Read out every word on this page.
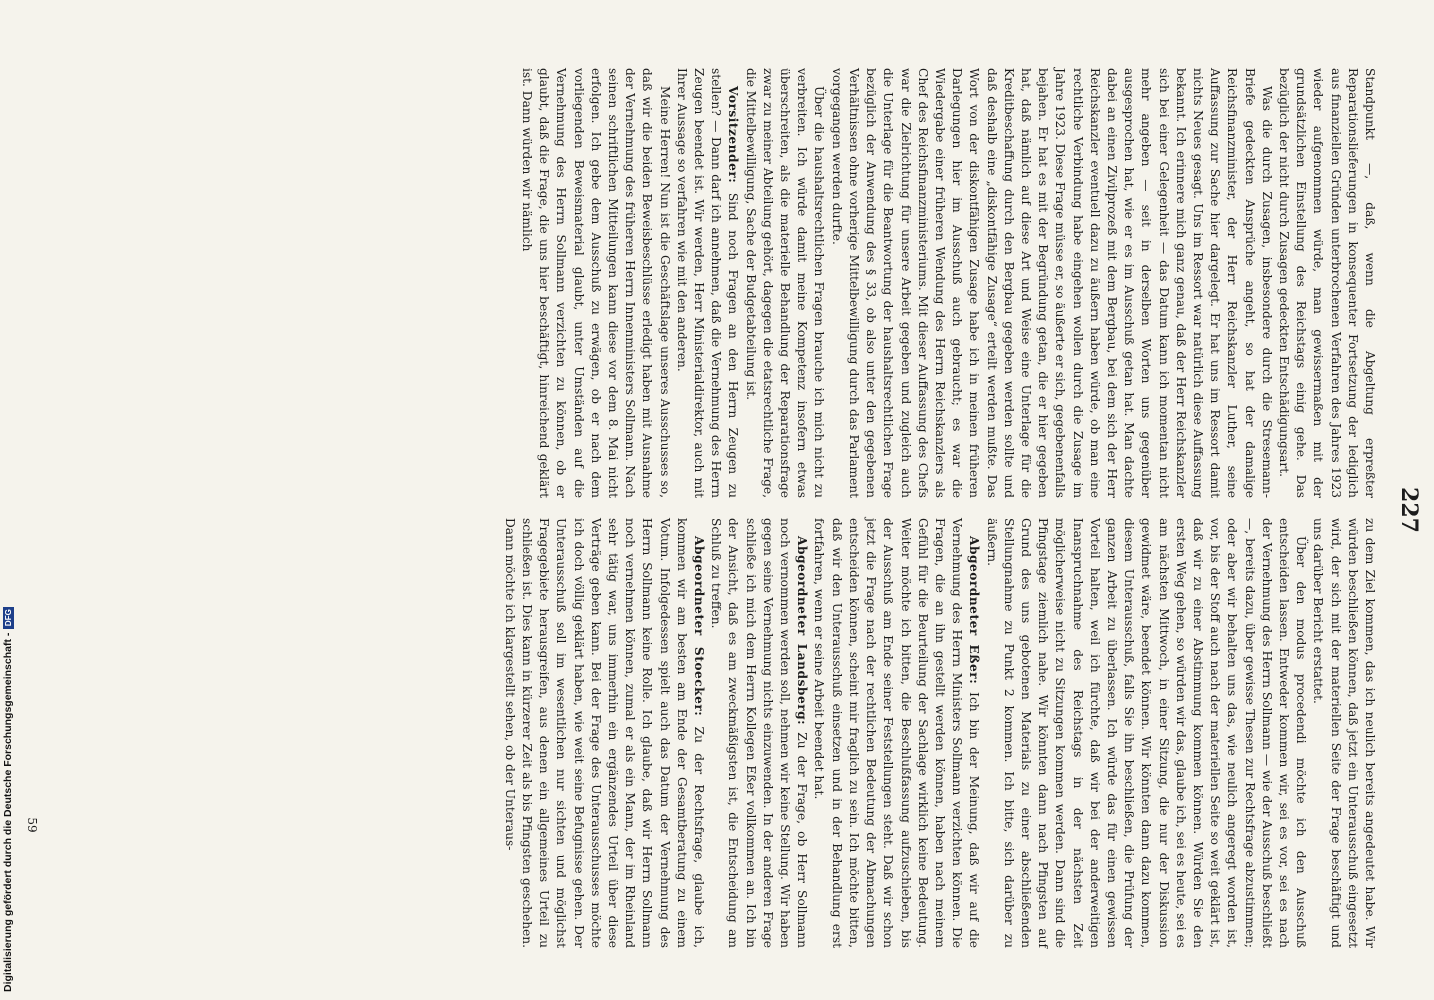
227

Standpunkt —, daß, wenn die Abgeltung erpreßter Reparationslieferungen in konsequenter Fortsetzung der lediglich aus finanziellen Gründen unterbrochenen Verfahren des Jahres 1923 wieder aufgenommen würde, man gewissermaßen mit der grundsätzlichen Einstellung des Reichstags einig gehe. Das bezüglich der nicht durch Zusagen gedeckten Entschädigungsart.

Was die durch Zusagen, insbesondere durch die Stresemann-Briefe gedeckten Ansprüche angeht, so hat der damalige Reichsfinanzminister, der Herr Reichskanzler Luther, seine Auffassung zur Sache hier dargelegt. Er hat uns im Ressort damit nichts Neues gesagt. Uns im Ressort war natürlich diese Auffassung bekannt. Ich erinnere mich ganz genau, daß der Herr Reichskanzler sich bei einer Gelegenheit — das Datum kann ich momentan nicht mehr angeben — seit in derselben Worten uns gegenüber ausgesprochen hat, wie er es im Ausschuß getan hat. Man dachte dabei an einen Zivilprozeß mit dem Bergbau, bei dem sich der Herr Reichskanzler eventuell dazu zu äußern haben würde, ob man eine rechtliche Verbindung habe eingehen wollen durch die Zusage im Jahre 1923. Diese Frage müsse er, so äußerte er sich, gegebenenfalls bejahen. Er hat es mit der Begründung getan, die er hier gegeben hat, daß nämlich auf diese Art und Weise eine Unterlage für die Kreditbeschaffung durch den Bergbau gegeben werden sollte und daß deshalb eine „diskontfähige Zusage“ erteilt werden mußte. Das Wort von der diskontfähigen Zusage habe ich in meinen früheren Darlegungen hier im Ausschuß auch gebraucht; es war die Wiedergabe einer früheren Wendung des Herrn Reichskanzlers als Chef des Reichsfinanzministeriums. Mit dieser Auffassung des Chefs war die Zielrichtung für unsere Arbeit gegeben und zugleich auch die Unterlage für die Beantwortung der haushaltsrechtlichen Frage bezüglich der Anwendung des § 33, ob also unter den gegebenen Verhältnissen ohne vorherige Mittelbewilligung durch das Parlament vorgegangen werden durfte.

Über die haushaltsrechtlichen Fragen brauche ich mich nicht zu verbreiten. Ich würde damit meine Kompetenz insofern etwas überschreiten, als die materielle Behandlung der Reparationsfrage zwar zu meiner Abteilung gehört, dagegen die etatsrechtliche Frage, die Mittelbewilligung, Sache der Budgetabteilung ist.

Vorsitzender: Sind noch Fragen an den Herrn Zeugen zu stellen? — Dann darf ich annehmen, daß die Vernehmung des Herrn Zeugen beendet ist. Wir werden, Herr Ministerialdirektor, auch mit Ihrer Aussage so verfahren wie mit den anderen.

Meine Herren! Nun ist die Geschäftslage unseres Ausschusses so, daß wir die beiden Beweisbeschlüsse erledigt haben mit Ausnahme der Vernehmung des früheren Herrn Innenministers Sollmann. Nach seinen schriftlichen Mitteilungen kann diese vor dem 8. Mai nicht erfolgen. Ich gebe dem Ausschuß zu erwägen, ob er nach dem vorliegenden Beweismaterial glaubt, unter Umständen auf die Vernehmung des Herrn Sollmann verzichten zu können, ob er glaubt, daß die Frage, die uns hier beschäftigt, hinreichend geklärt ist. Dann würden wir nämlich

zu dem Ziel kommen, das ich neulich bereits angedeutet habe. Wir würden beschließen können, daß jetzt ein Unterausschuß eingesetzt wird, der sich mit der materiellen Seite der Frage beschäftigt und uns darüber Bericht erstattet.

Über den modus procedendi möchte ich den Ausschuß entscheiden lassen. Entweder kommen wir, sei es vor, sei es nach der Vernehmung des Herrn Sollmann — wie der Ausschuß beschließt —, bereits dazu, über gewisse Thesen zur Rechtsfrage abzustimmen; oder aber wir behalten uns das, wie neulich angeregt worden ist, vor, bis der Stoff auch nach der materiellen Seite so weit geklärt ist, daß wir zu einer Abstimmung kommen können. Würden Sie den ersten Weg gehen, so würden wir das, glaube ich, sei es heute, sei es am nächsten Mittwoch, in einer Sitzung, die nur der Diskussion gewidmet wäre, beendet können. Wir könnten dann dazu kommen, diesem Unterausschuß, falls Sie ihn beschließen, die Prüfung der ganzen Arbeit zu überlassen. Ich würde das für einen gewissen Vorteil halten, weil ich fürchte, daß wir bei der anderweitigen Inanspruchnahme des Reichstags in der nächsten Zeit möglicherweise nicht zu Sitzungen kommen werden. Dann sind die Pfingstage ziemlich nahe. Wir könnten dann nach Pfingsten auf Grund des uns gebotenen Materials zu einer abschließenden Stellungnahme zu Punkt 2 kommen. Ich bitte, sich darüber zu äußern.

Abgeordneter Eßer: Ich bin der Meinung, daß wir auf die Vernehmung des Herrn Ministers Sollmann verzichten können. Die Fragen, die an ihn gestellt werden können, haben nach meinem Gefühl für die Beurteilung der Sachlage wirklich keine Bedeutung. Weiter möchte ich bitten, die Beschlußfassung aufzuschieben, bis der Ausschuß am Ende seiner Feststellungen steht. Daß wir schon jetzt die Frage nach der rechtlichen Bedeutung der Abmachungen entscheiden können, scheint mir fraglich zu sein. Ich möchte bitten, daß wir den Unterausschuß einsetzen und in der Behandlung erst fortfahren, wenn er seine Arbeit beendet hat.

Abgeordneter Landsberg: Zu der Frage, ob Herr Sollmann noch vernommen werden soll, nehmen wir keine Stellung. Wir haben gegen seine Vernehmung nichts einzuwenden. In der anderen Frage schließe ich mich dem Herrn Kollegen Eßer vollkommen an. Ich bin der Ansicht, daß es am zweckmäßigsten ist, die Entscheidung am Schluß zu treffen.

Abgeordneter Stoecker: Zu der Rechtsfrage, glaube ich, kommen wir am besten am Ende der Gesamtberatung zu einem Votum. Infolgedessen spielt auch das Datum der Vernehmung des Herrn Sollmann keine Rolle. Ich glaube, daß wir Herrn Sollmann noch vernehmen können, zumal er als ein Mann, der im Rheinland sehr tätig war, uns immerhin ein ergänzendes Urteil über diese Verträge geben kann. Bei der Frage des Unterausschusses möchte ich doch völlig geklärt haben, wie weit seine Befugnisse gehen. Der Unterausschuß soll im wesentlichen nur sichten und möglichst Fragegebiete herausgreifen, aus denen ein allgemeines Urteil zu schließen ist. Dies kann in kürzerer Zeit als bis Pfingsten geschehen. Dann möchte ich klargestellt sehen, ob der Unteraus-

59
Digitalisierung gefördert durch die Deutsche Forschungsgemeinschaft -
DFG
